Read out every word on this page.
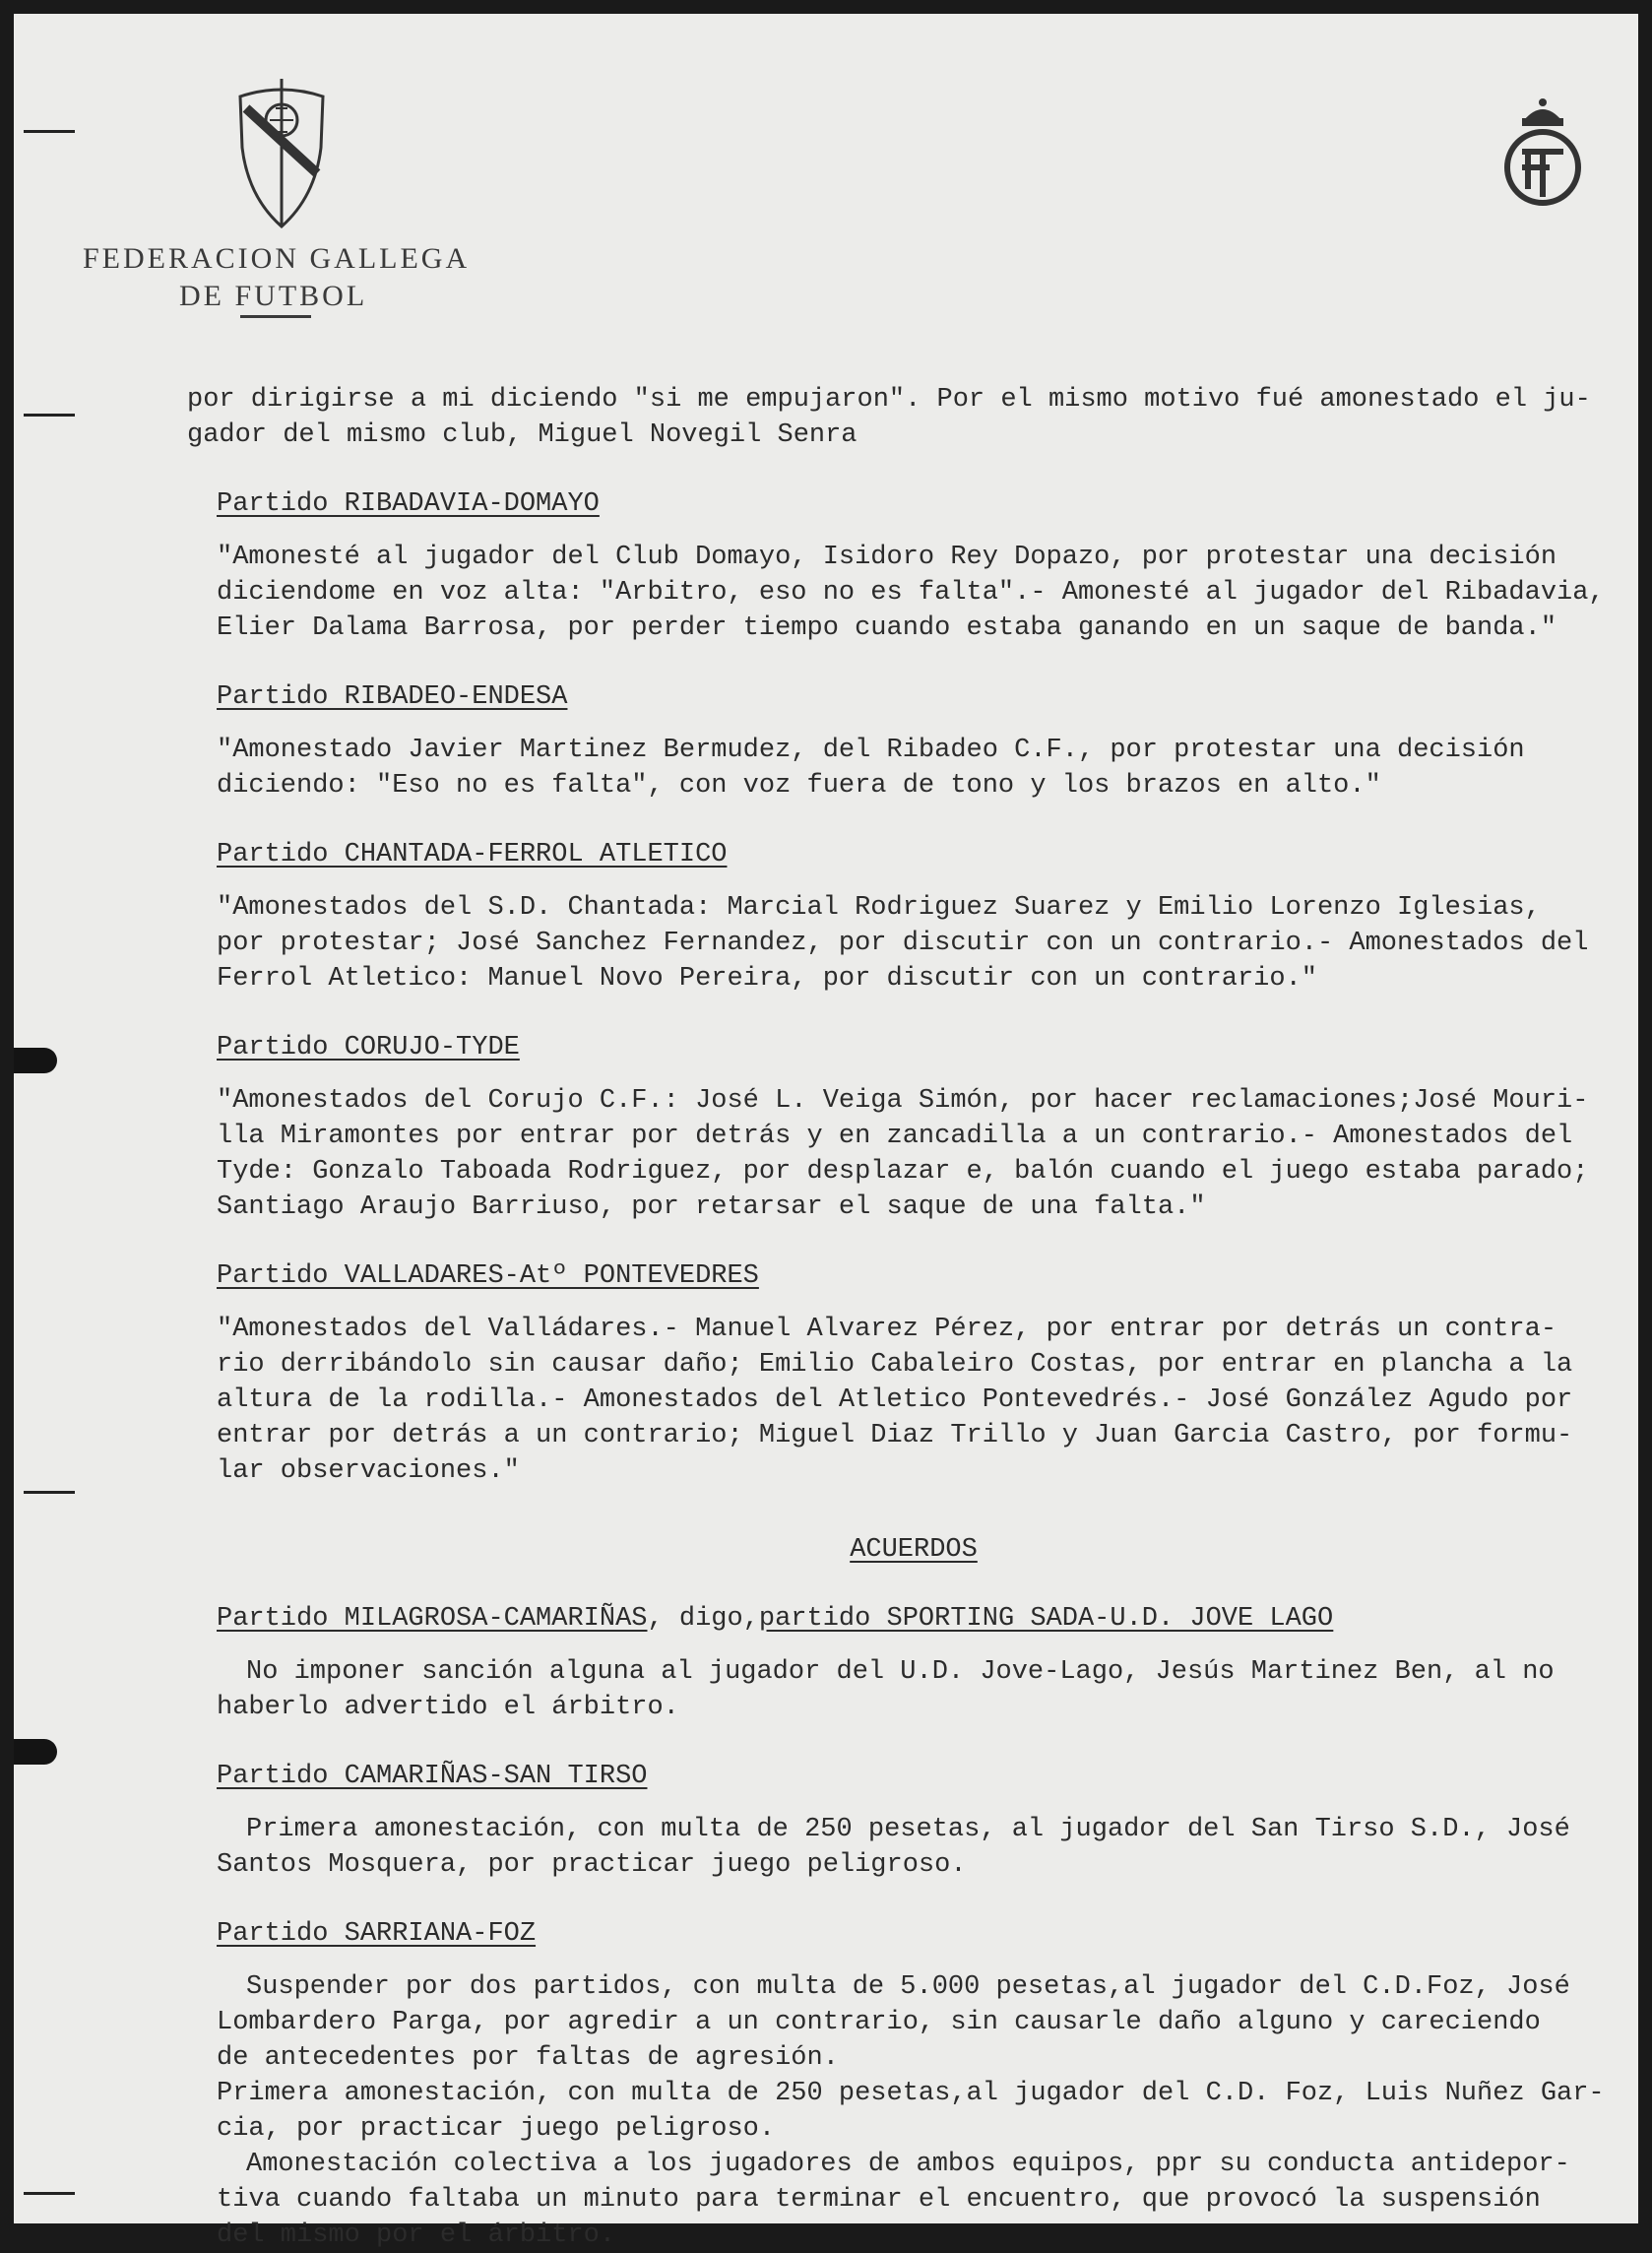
FEDERACION GALLEGA
DE FUTBOL

por dirigirse a mi diciendo "si me empujaron". Por el mismo motivo fué amonestado el ju-
gador del mismo club, Miguel Novegil Senra

Partido RIBADAVIA-DOMAYO

"Amonesté al jugador del Club Domayo, Isidoro Rey Dopazo, por protestar una decisión
diciendome en voz alta: "Arbitro, eso no es falta".- Amonesté al jugador del Ribadavia,
Elier Dalama Barrosa, por perder tiempo cuando estaba ganando en un saque de banda."

Partido RIBADEO-ENDESA

"Amonestado Javier Martinez Bermudez, del Ribadeo C.F., por protestar una decisión
diciendo: "Eso no es falta", con voz fuera de tono y los brazos en alto."

Partido CHANTADA-FERROL ATLETICO

"Amonestados del S.D. Chantada: Marcial Rodriguez Suarez y Emilio Lorenzo Iglesias,
por protestar; José Sanchez Fernandez, por discutir con un contrario.- Amonestados del
Ferrol Atletico: Manuel Novo Pereira, por discutir con un contrario."

Partido CORUJO-TYDE

"Amonestados del Corujo C.F.: José L. Veiga Simón, por hacer reclamaciones;José Mouri-
lla Miramontes por entrar por detrás y en zancadilla a un contrario.- Amonestados del
Tyde: Gonzalo Taboada Rodriguez, por desplazar e, balón cuando el juego estaba parado;
Santiago Araujo Barriuso, por retarsar el saque de una falta."

Partido VALLADARES-Atº PONTEVEDRES

"Amonestados del Valládares.- Manuel Alvarez Pérez, por entrar por detrás un contra-
rio derribándolo sin causar daño; Emilio Cabaleiro Costas, por entrar en plancha a la
altura de la rodilla.- Amonestados del Atletico Pontevedrés.- José González Agudo por
entrar por detrás a un contrario; Miguel Diaz Trillo y Juan Garcia Castro, por formu-
lar observaciones."

ACUERDOS
Partido MILAGROSA-CAMARIÑAS, digo,partido SPORTING SADA-U.D. JOVE LAGO

No imponer sanción alguna al jugador del U.D. Jove-Lago, Jesús Martinez Ben, al no
haberlo advertido el árbitro.

Partido CAMARIÑAS-SAN TIRSO

Primera amonestación, con multa de 250 pesetas, al jugador del San Tirso S.D., José
Santos Mosquera, por practicar juego peligroso.

Partido SARRIANA-FOZ

Suspender por dos partidos, con multa de 5.000 pesetas,al jugador del C.D.Foz, José
Lombardero Parga, por agredir a un contrario, sin causarle daño alguno y careciendo
de antecedentes por faltas de agresión.
Primera amonestación, con multa de 250 pesetas,al jugador del C.D. Foz, Luis Nuñez Gar-
cia, por practicar juego peligroso.
Amonestación colectiva a los jugadores de ambos equipos, ppr su conducta antidepor-
tiva cuando faltaba un minuto para terminar el encuentro, que provocó la suspensión
del mismo por el árbitro.
